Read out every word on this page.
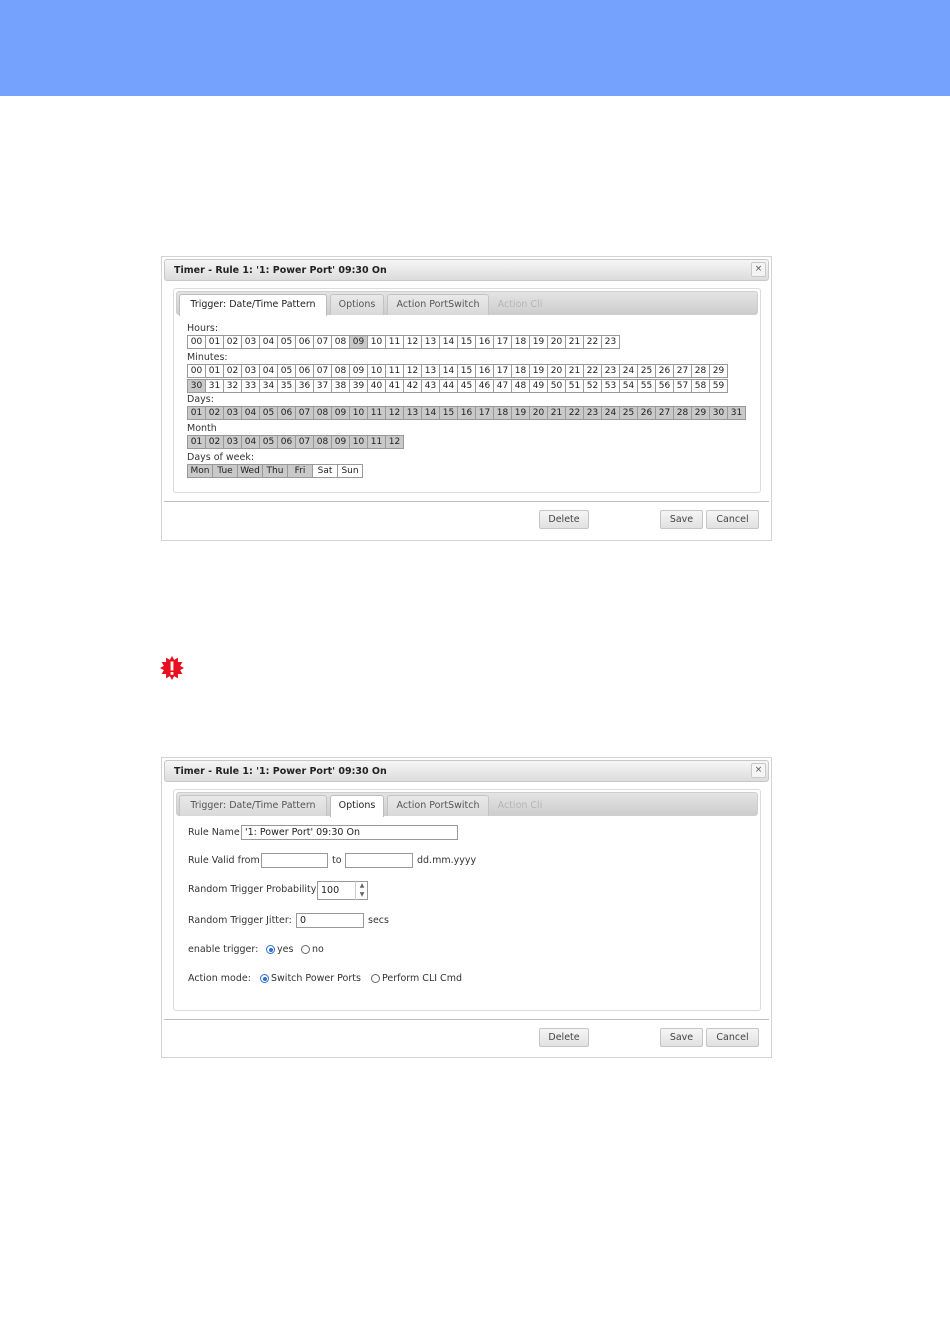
Timer - Rule 1: '1: Power Port' 09:30 On	×
Trigger: Date/Time Pattern	Options	Action PortSwitch	Action Cli
Hours:
00 01 02 03 04 05 06 07 08 09 10 11 12 13 14 15 16 17 18 19 20 21 22 23
Minutes:
00 01 02 03 04 05 06 07 08 09 10 11 12 13 14 15 16 17 18 19 20 21 22 23 24 25 26 27 28 29
30 31 32 33 34 35 36 37 38 39 40 41 42 43 44 45 46 47 48 49 50 51 52 53 54 55 56 57 58 59
Days:
01 02 03 04 05 06 07 08 09 10 11 12 13 14 15 16 17 18 19 20 21 22 23 24 25 26 27 28 29 30 31
Month
01 02 03 04 05 06 07 08 09 10 11 12
Days of week:
Mon Tue Wed Thu	Fri	Sat	Sun
Delete	Save	Cancel
Timer - Rule 1: '1: Power Port' 09:30 On	×
Trigger: Date/Time Pattern	Options	Action PortSwitch	Action Cli
Rule Name '1: Power Port' 09:30 On
Rule Valid from	to	dd.mm.yyyy
Random Trigger Probability 100	▲
▼
Random Trigger Jitter: 0	secs
enable trigger: yes no
Action mode: Switch Power Ports Perform CLI Cmd
Delete	Save	Cancel
